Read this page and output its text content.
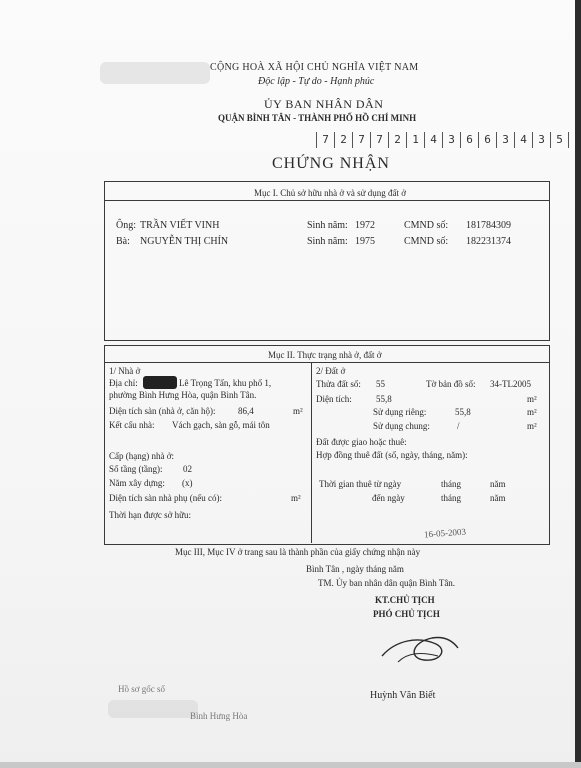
CỘNG HOÀ XÃ HỘI CHỦ NGHĨA VIỆT NAM
Độc lập - Tự do - Hạnh phúc
ỦY BAN NHÂN DÂN
QUẬN BÌNH TÂN - THÀNH PHỐ HỒ CHÍ MINH
7	2	7	7	2	1	4	3	6	6	3	4	3	5
CHỨNG NHẬN
Mục I. Chủ sở hữu nhà ở và sử dụng đất ở
Ông: TRẦN VIẾT VINH	Sinh năm: 1972	CMND số: 181784309
Bà: NGUYỄN THỊ CHÍN	Sinh năm: 1975	CMND số: 182231374
Mục II. Thực trạng nhà ở, đất ở
1/ Nhà ở
Địa chỉ:	Lê Trọng Tấn, khu phố 1,
phường Bình Hưng Hòa, quận Bình Tân.
Diện tích sàn (nhà ở, căn hộ):	86,4	m²
Kết cấu nhà: Vách gạch, sàn gỗ, mái tôn
Cấp (hạng) nhà ở:
Số tầng (tầng): 02
Năm xây dựng: (x)
Diện tích sàn nhà phụ (nếu có):	m²
Thời hạn được sở hữu:
2/ Đất ở
Thửa đất số: 55	Tờ bản đồ số: 34-TL2005
Diện tích:	55,8	m²
Sử dụng riêng:	55,8	m²
Sử dụng chung:	/	m²
Đất được giao hoặc thuê:
Hợp đồng thuê đất (số, ngày, tháng, năm):
Thời gian thuê từ ngày	tháng	năm
đến ngày	tháng	năm
Mục III, Mục IV ở trang sau là thành phần của giấy chứng nhận này
Bình Tân , ngày tháng năm
TM. Ủy ban nhân dân quận Bình Tân.
KT.CHỦ TỊCH
PHÓ CHỦ TỊCH
16-05-2003
Huỳnh Văn Biết
Hồ sơ gốc số
Bình Hưng Hòa
